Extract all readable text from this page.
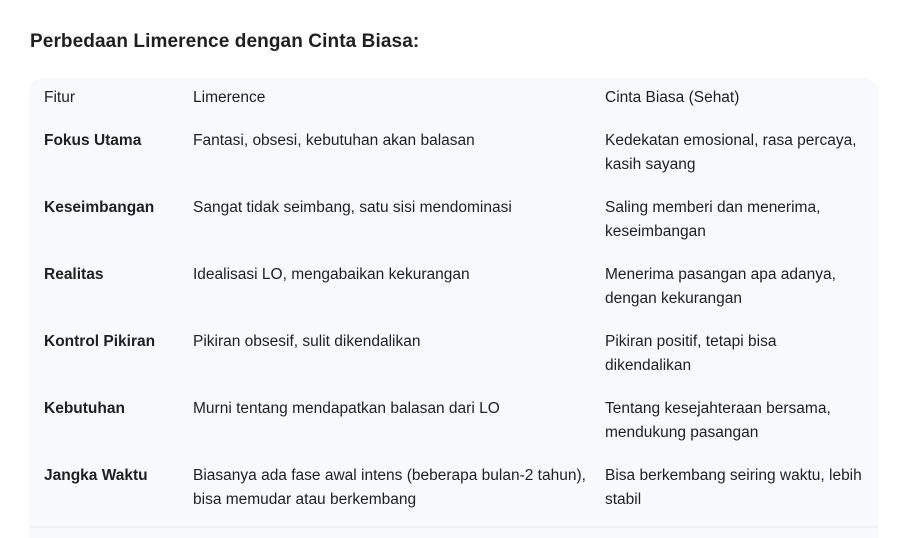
Perbedaan Limerence dengan Cinta Biasa:
Fitur	Limerence	Cinta Biasa (Sehat)
Fokus Utama	Fantasi, obsesi, kebutuhan akan balasan	Kedekatan emosional, rasa percaya, kasih sayang
Keseimbangan	Sangat tidak seimbang, satu sisi mendominasi	Saling memberi dan menerima, keseimbangan
Realitas	Idealisasi LO, mengabaikan kekurangan	Menerima pasangan apa adanya, dengan kekurangan
Kontrol Pikiran	Pikiran obsesif, sulit dikendalikan	Pikiran positif, tetapi bisa dikendalikan
Kebutuhan	Murni tentang mendapatkan balasan dari LO	Tentang kesejahteraan bersama, mendukung pasangan
Jangka Waktu	Biasanya ada fase awal intens (beberapa bulan-2 tahun), bisa memudar atau berkembang	Bisa berkembang seiring waktu, lebih stabil
